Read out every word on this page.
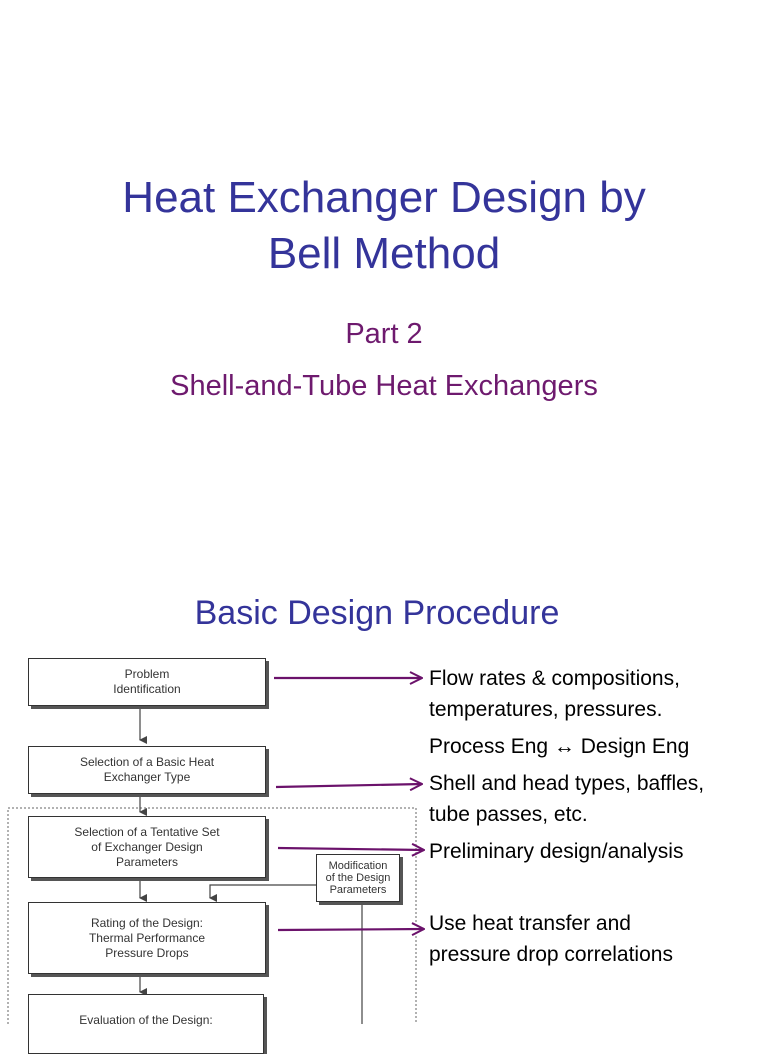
Heat Exchanger Design by
Bell Method
Part 2
Shell-and-Tube Heat Exchangers
Basic Design Procedure
Problem
Identification
Selection of a Basic Heat
Exchanger Type
Selection of a Tentative Set
of Exchanger Design
Parameters
Rating of the Design:
Thermal Performance
Pressure Drops
Evaluation of the Design:
Modification
of the Design
Parameters
Flow rates & compositions,
temperatures, pressures.
Process Eng ↔ Design Eng
Shell and head types, baffles,
tube passes, etc.
Preliminary design/analysis
Use heat transfer and
pressure drop correlations
